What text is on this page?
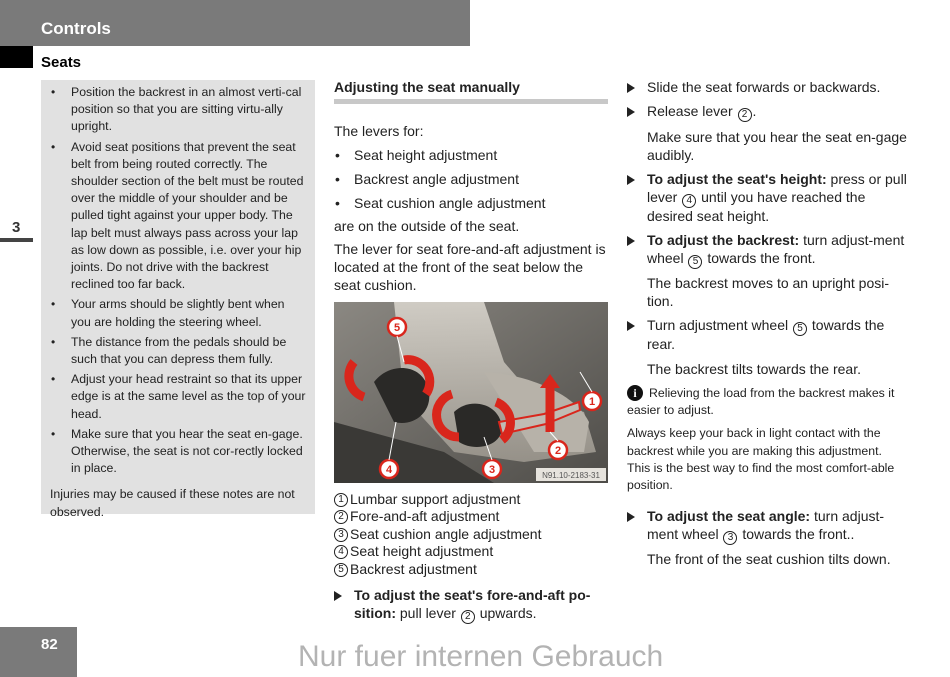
Controls
Seats
3
• Position the backrest in an almost verti-cal position so that you are sitting virtu-ally upright.
• Avoid seat positions that prevent the seat belt from being routed correctly. The shoulder section of the belt must be routed over the middle of your shoulder and be pulled tight against your upper body. The lap belt must always pass across your lap as low down as possible, i.e. over your hip joints. Do not drive with the backrest reclined too far back.
• Your arms should be slightly bent when you are holding the steering wheel.
• The distance from the pedals should be such that you can depress them fully.
• Adjust your head restraint so that its upper edge is at the same level as the top of your head.
• Make sure that you hear the seat en-gage. Otherwise, the seat is not cor-rectly locked in place.
Injuries may be caused if these notes are not observed.
Adjusting the seat manually
The levers for:
• Seat height adjustment
• Backrest angle adjustment
• Seat cushion angle adjustment
are on the outside of the seat.
The lever for seat fore-and-aft adjustment is located at the front of the seat below the seat cushion.
5
1
2
3
4	N91.10-2183-31
1 Lumbar support adjustment
2 Fore-and-aft adjustment
3 Seat cushion angle adjustment
4 Seat height adjustment
5 Backrest adjustment
To adjust the seat's fore-and-aft po-sition: pull lever 2 upwards.
Slide the seat forwards or backwards.
Release lever 2 .
Make sure that you hear the seat en-gage audibly.
To adjust the seat's height: press or pull lever 4 until you have reached the desired seat height.
To adjust the backrest: turn adjust-ment wheel 5 towards the front.
The backrest moves to an upright posi-tion.
Turn adjustment wheel 5 towards the rear.
The backrest tilts towards the rear.
i	Relieving the load from the backrest makes it easier to adjust.
Always keep your back in light contact with the backrest while you are making this adjustment. This is the best way to find the most comfort-able position.
To adjust the seat angle: turn adjust-ment wheel 3 towards the front..
The front of the seat cushion tilts down.
82	Nur fuer internen Gebrauch
